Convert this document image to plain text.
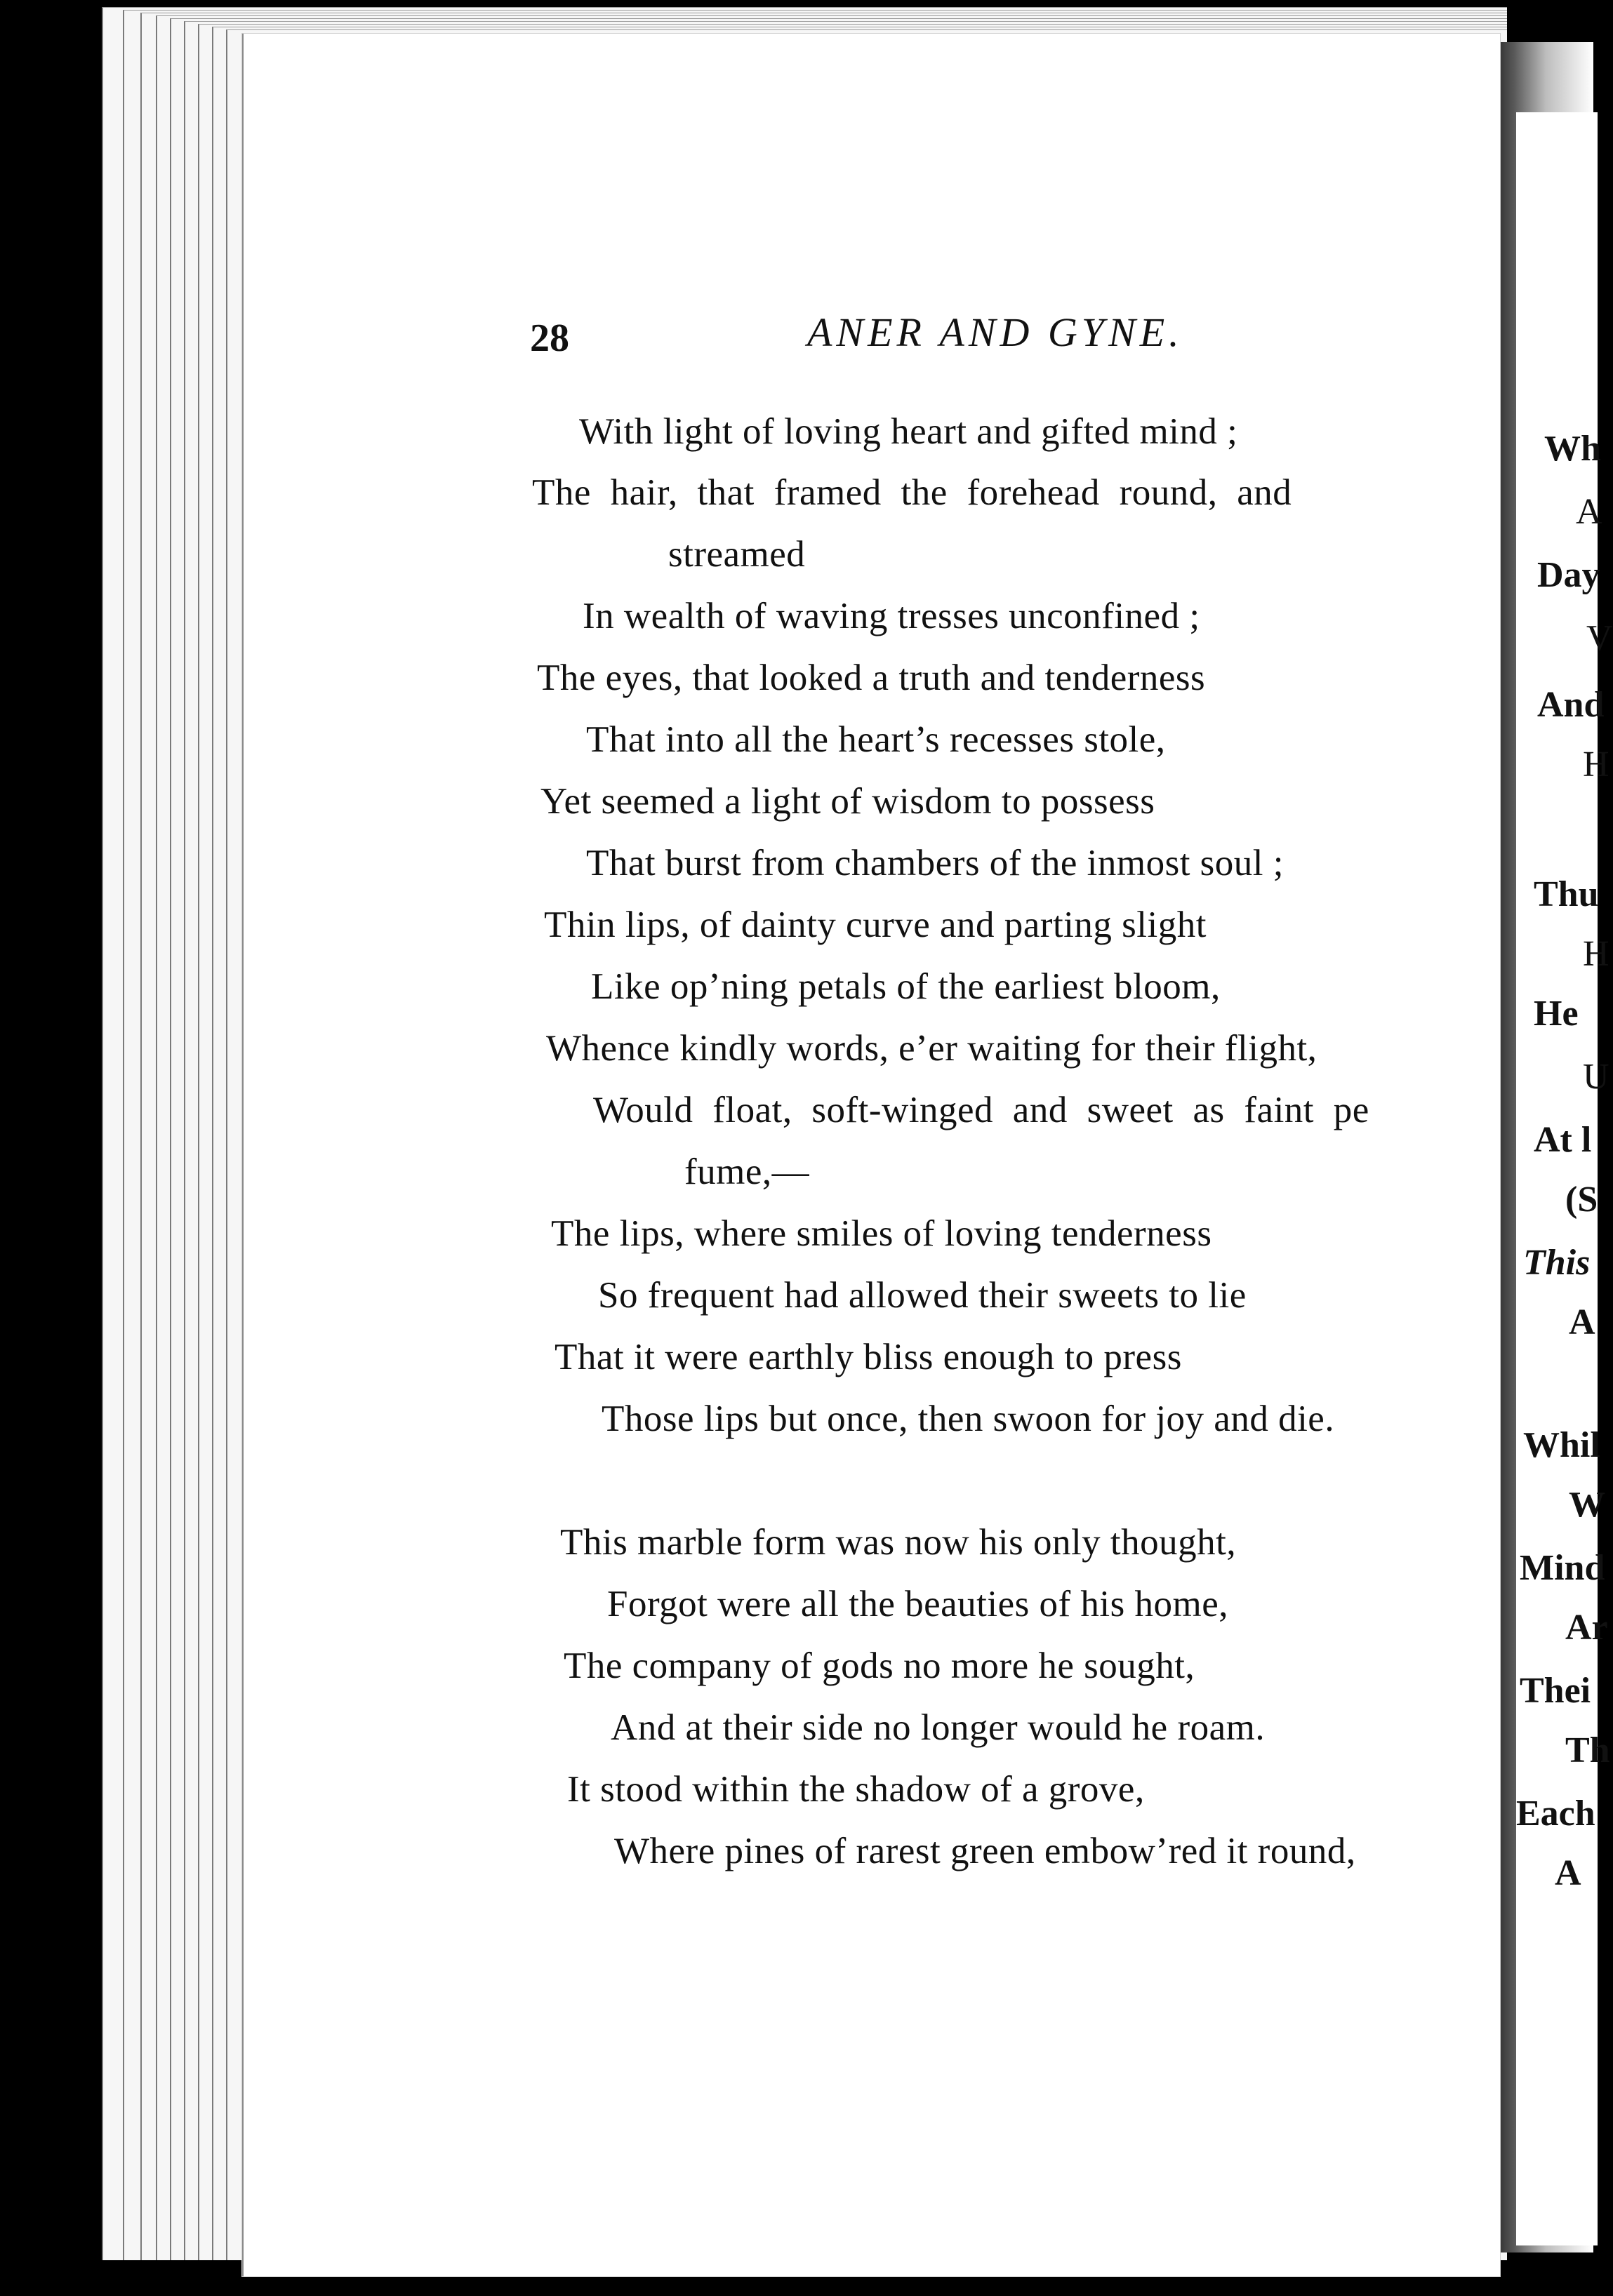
Wh
A
Day
V
And
H
Thu
H
He
U
At l
(S
This
A
Whil
W
Mind
Ar
Thei
Th
Each
A
28	ANER AND GYNE.
With light of loving heart and gifted mind ;
The hair, that framed the forehead round, and
streamed
In wealth of waving tresses unconfined ;
The eyes, that looked a truth and tenderness
That into all the heart’s recesses stole,
Yet seemed a light of wisdom to possess
That burst from chambers of the inmost soul ;
Thin lips, of dainty curve and parting slight
Like op’ning petals of the earliest bloom,
Whence kindly words, e’er waiting for their flight,
Would float, soft-winged and sweet as faint pe
fume,—
The lips, where smiles of loving tenderness
So frequent had allowed their sweets to lie
That it were earthly bliss enough to press
Those lips but once, then swoon for joy and die.
This marble form was now his only thought,
Forgot were all the beauties of his home,
The company of gods no more he sought,
And at their side no longer would he roam.
It stood within the shadow of a grove,
Where pines of rarest green embow’red it round,
